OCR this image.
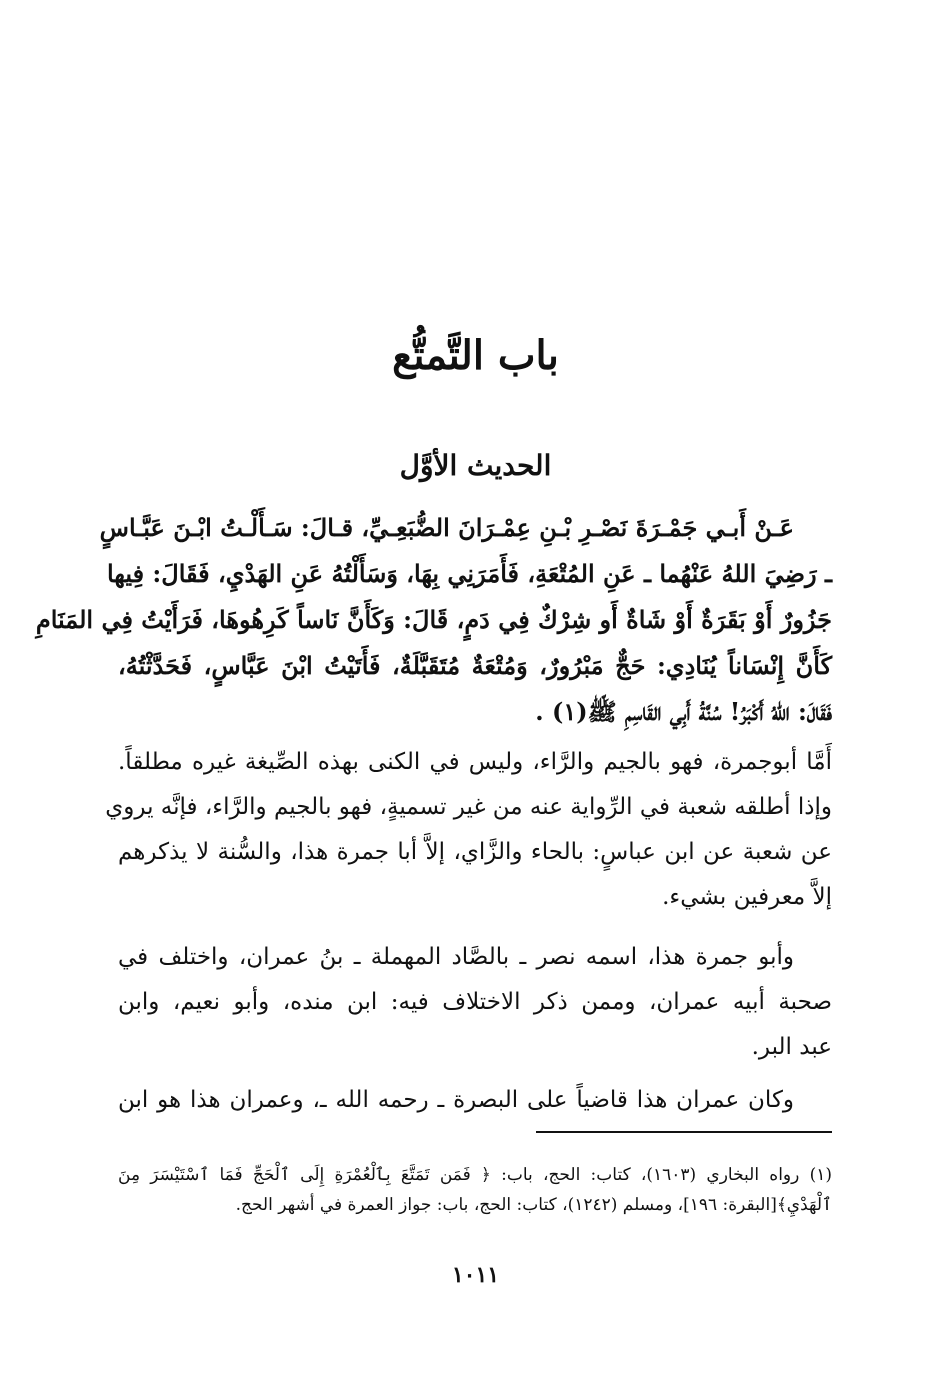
باب التَّمتُّع
الحديث الأوَّل
عَـنْ أَبـي جَمْـرَةَ نَصْـرِ بْـنِ عِمْـرَانَ الضُّبَعِـيِّ، قـالَ: سَـأَلْـتُ ابْـنَ عَبَّـاسٍ
ـ رَضِيَ اللهُ عَنْهُما ـ عَنِ المُتْعَةِ، فَأَمَرَنِي بِهَا، وَسَأَلْتُهُ عَنِ الهَدْيِ، فَقَالَ: فِيها
جَزُورٌ أَوْ بَقَرَةٌ أَوْ شَاةٌ أَو شِرْكٌ فِي دَمٍ، قَالَ: وَكَأَنَّ نَاساً كَرِهُوهَا، فَرَأَيْتُ فِي المَنَامِ
كَأَنَّ إِنْسَاناً يُنَادِي: حَجٌّ مَبْرُورٌ، وَمُتْعَةٌ مُتَقَبَّلَةٌ، فَأَتَيْتُ ابْنَ عَبَّاسٍ، فَحَدَّثْتُهُ،
فَقَالَ: اللهُ أَكْبَرُ! سُنَّةُ أَبِي القَاسِمِ ﷺ(١) .
أَمَّا أبوجمرة، فهو بالجيم والرَّاء، وليس في الكنى بهذه الصِّيغة غيره مطلقاً.
وإذا أطلقه شعبة في الرِّواية عنه من غير تسميةٍ، فهو بالجيم والرَّاء، فإنَّه يروي
عن شعبة عن ابن عباسٍ: بالحاء والزَّاي، إلاَّ أبا جمرة هذا، والسُّنة لا يذكرهم
إلاَّ معرفين بشيء.
وأبو جمرة هذا، اسمه نصر ـ بالصَّاد المهملة ـ بنُ عمران، واختلف في
صحبة أبيه عمران، وممن ذكر الاختلاف فيه: ابن منده، وأبو نعيم، وابن
عبد البر.
وكان عمران هذا قاضياً على البصرة ـ رحمه الله ـ، وعمران هذا هو ابن
(١) رواه البخاري (١٦٠٣)، كتاب: الحج، باب: ﴿ فَمَن تَمَتَّعَ بِٱلْعُمْرَةِ إِلَى ٱلْحَجِّ فَمَا ٱسْتَيْسَرَ مِنَ
ٱلْهَدْيِ﴾[البقرة: ١٩٦]، ومسلم (١٢٤٢)، كتاب: الحج، باب: جواز العمرة في أشهر الحج.
١٠١١
